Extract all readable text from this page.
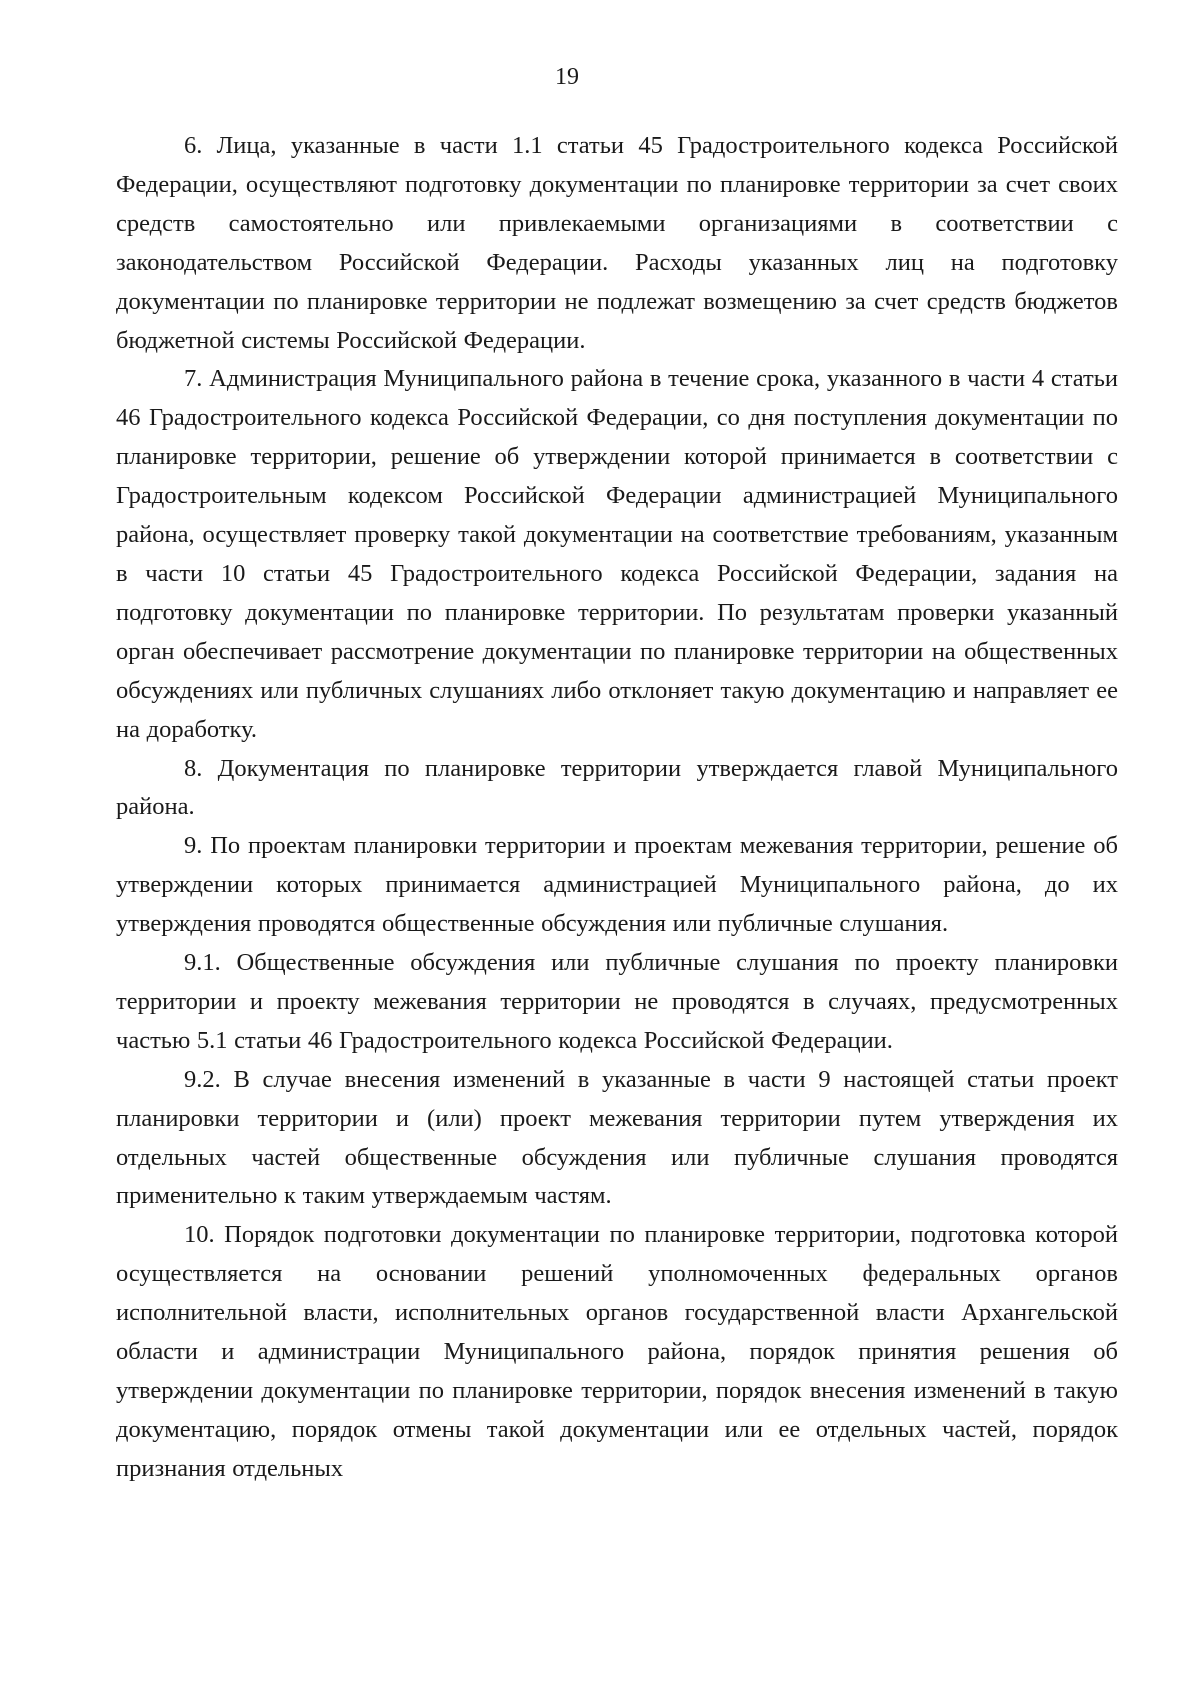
19

6. Лица, указанные в части 1.1 статьи 45 Градостроительного кодекса Российской Федерации, осуществляют подготовку документации по планировке территории за счет своих средств самостоятельно или привлекаемыми организациями в соответствии с законодательством Российской Федерации. Расходы указанных лиц на подготовку документации по планировке территории не подлежат возмещению за счет средств бюджетов бюджетной системы Российской Федерации.

7. Администрация Муниципального района в течение срока, указанного в части 4 статьи 46 Градостроительного кодекса Российской Федерации, со дня поступления документации по планировке территории, решение об утверждении которой принимается в соответствии с Градостроительным кодексом Российской Федерации администрацией Муниципального района, осуществляет проверку такой документации на соответствие требованиям, указанным в части 10 статьи 45 Градостроительного кодекса Российской Федерации, задания на подготовку документации по планировке территории. По результатам проверки указанный орган обеспечивает рассмотрение документации по планировке территории на общественных обсуждениях или публичных слушаниях либо отклоняет такую документацию и направляет ее на доработку.

8. Документация по планировке территории утверждается главой Муниципального района.

9. По проектам планировки территории и проектам межевания территории, решение об утверждении которых принимается администрацией Муниципального района, до их утверждения проводятся общественные обсуждения или публичные слушания.

9.1. Общественные обсуждения или публичные слушания по проекту планировки территории и проекту межевания территории не проводятся в случаях, предусмотренных частью 5.1 статьи 46 Градостроительного кодекса Российской Федерации.

9.2. В случае внесения изменений в указанные в части 9 настоящей статьи проект планировки территории и (или) проект межевания территории путем утверждения их отдельных частей общественные обсуждения или публичные слушания проводятся применительно к таким утверждаемым частям.

10. Порядок подготовки документации по планировке территории, подготовка которой осуществляется на основании решений уполномоченных федеральных органов исполнительной власти, исполнительных органов государственной власти Архангельской области и администрации Муниципального района, порядок принятия решения об утверждении документации по планировке территории, порядок внесения изменений в такую документацию, порядок отмены такой документации или ее отдельных частей, порядок признания отдельных
